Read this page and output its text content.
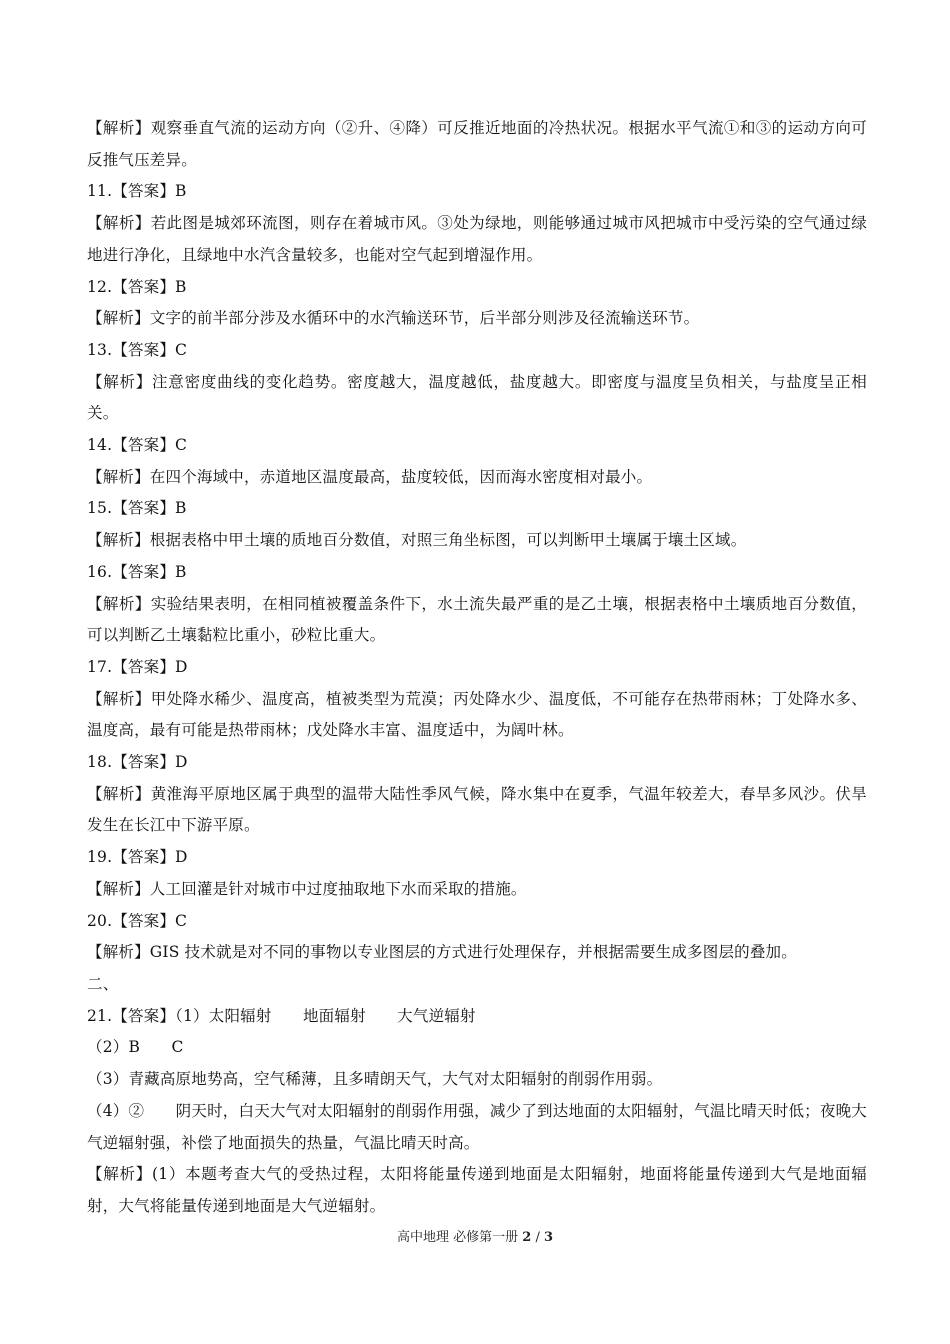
【解析】观察垂直气流的运动方向（②升、④降）可反推近地面的冷热状况。根据水平气流①和③的运动方向可反推气压差异。
11.【答案】B
【解析】若此图是城郊环流图，则存在着城市风。③处为绿地，则能够通过城市风把城市中受污染的空气通过绿地进行净化，且绿地中水汽含量较多，也能对空气起到增湿作用。
12.【答案】B
【解析】文字的前半部分涉及水循环中的水汽输送环节，后半部分则涉及径流输送环节。
13.【答案】C
【解析】注意密度曲线的变化趋势。密度越大，温度越低，盐度越大。即密度与温度呈负相关，与盐度呈正相关。
14.【答案】C
【解析】在四个海域中，赤道地区温度最高，盐度较低，因而海水密度相对最小。
15.【答案】B
【解析】根据表格中甲土壤的质地百分数值，对照三角坐标图，可以判断甲土壤属于壤土区域。
16.【答案】B
【解析】实验结果表明，在相同植被覆盖条件下，水土流失最严重的是乙土壤，根据表格中土壤质地百分数值，可以判断乙土壤黏粒比重小，砂粒比重大。
17.【答案】D
【解析】甲处降水稀少、温度高，植被类型为荒漠；丙处降水少、温度低，不可能存在热带雨林；丁处降水多、温度高，最有可能是热带雨林；戊处降水丰富、温度适中，为阔叶林。
18.【答案】D
【解析】黄淮海平原地区属于典型的温带大陆性季风气候，降水集中在夏季，气温年较差大，春旱多风沙。伏旱发生在长江中下游平原。
19.【答案】D
【解析】人工回灌是针对城市中过度抽取地下水而采取的措施。
20.【答案】C
【解析】GIS 技术就是对不同的事物以专业图层的方式进行处理保存，并根据需要生成多图层的叠加。
二、
21.【答案】（1）太阳辐射　　地面辐射　　大气逆辐射
（2）B　　C
（3）青藏高原地势高，空气稀薄，且多晴朗天气，大气对太阳辐射的削弱作用弱。
（4）②　　阴天时，白天大气对太阳辐射的削弱作用强，减少了到达地面的太阳辐射，气温比晴天时低；夜晚大气逆辐射强，补偿了地面损失的热量，气温比晴天时高。
【解析】(1）本题考查大气的受热过程，太阳将能量传递到地面是太阳辐射，地面将能量传递到大气是地面辐射，大气将能量传递到地面是大气逆辐射。
高中地理 必修第一册 2 / 3
